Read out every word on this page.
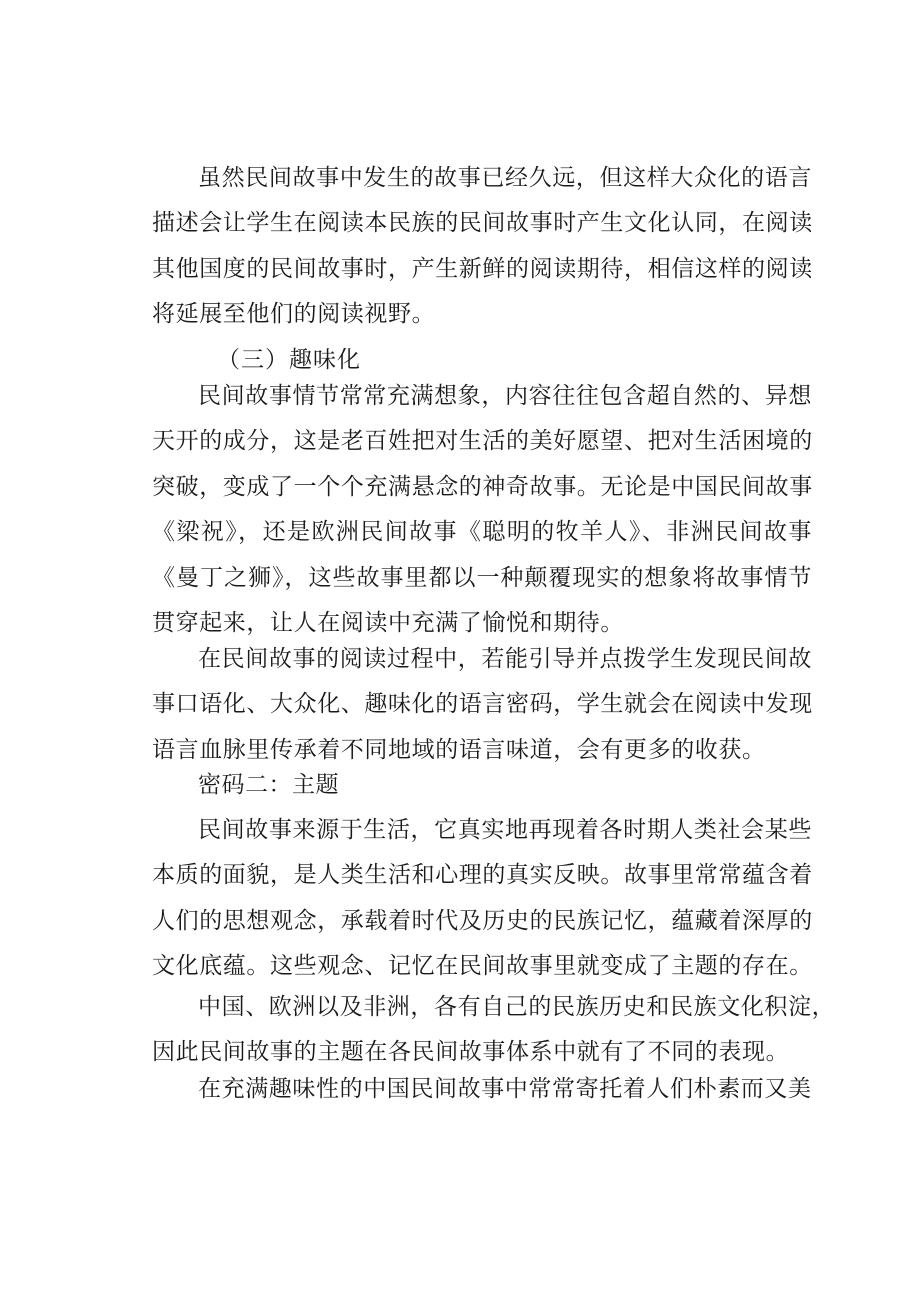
虽然民间故事中发生的故事已经久远，但这样大众化的语言
描述会让学生在阅读本民族的民间故事时产生文化认同，在阅读
其他国度的民间故事时，产生新鲜的阅读期待，相信这样的阅读
将延展至他们的阅读视野。
（三）趣味化
民间故事情节常常充满想象，内容往往包含超自然的、异想
天开的成分，这是老百姓把对生活的美好愿望、把对生活困境的
突破，变成了一个个充满悬念的神奇故事。无论是中国民间故事
《梁祝》，还是欧洲民间故事《聪明的牧羊人》、非洲民间故事
《曼丁之狮》，这些故事里都以一种颠覆现实的想象将故事情节
贯穿起来，让人在阅读中充满了愉悦和期待。
在民间故事的阅读过程中，若能引导并点拨学生发现民间故
事口语化、大众化、趣味化的语言密码，学生就会在阅读中发现
语言血脉里传承着不同地域的语言味道，会有更多的收获。
密码二：主题
民间故事来源于生活，它真实地再现着各时期人类社会某些
本质的面貌，是人类生活和心理的真实反映。故事里常常蕴含着
人们的思想观念，承载着时代及历史的民族记忆，蕴藏着深厚的
文化底蕴。这些观念、记忆在民间故事里就变成了主题的存在。
中国、欧洲以及非洲，各有自己的民族历史和民族文化积淀，
因此民间故事的主题在各民间故事体系中就有了不同的表现。
在充满趣味性的中国民间故事中常常寄托着人们朴素而又美
